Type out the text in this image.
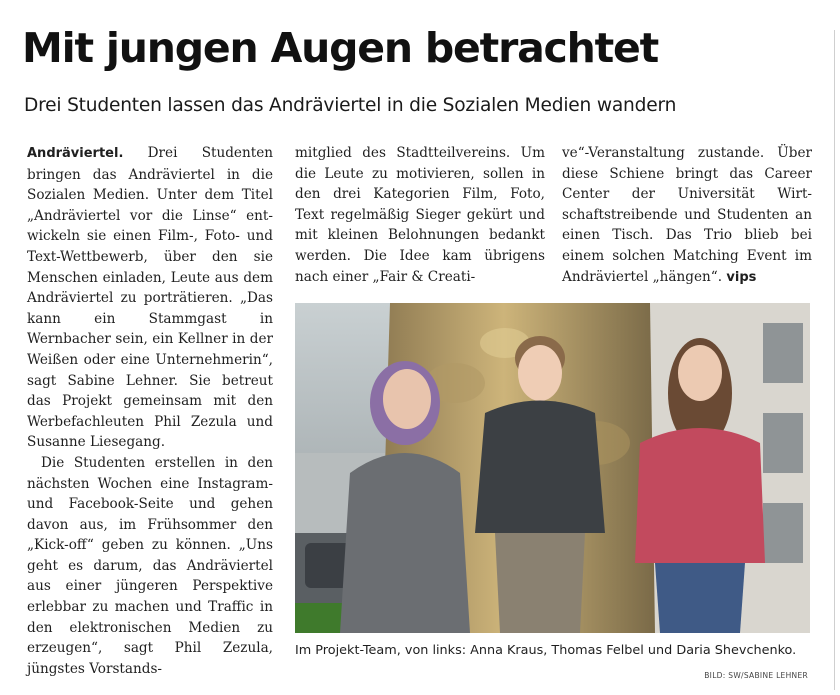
Mit jungen Augen betrachtet
Drei Studenten lassen das Andräviertel in die Sozialen Medien wandern

Andräviertel. Drei Studenten bringen das Andräviertel in die Sozialen Medien. Unter dem Titel „Andräviertel vor die Linse“ entwickeln sie einen Film-, Foto- und Text-Wettbewerb, über den sie Menschen einladen, Leute aus dem Andräviertel zu porträtieren. „Das kann ein Stammgast in Wernbacher sein, ein Kellner in der Weißen oder eine Unternehmerin“, sagt Sabine Lehner. Sie betreut das Projekt gemeinsam mit den Werbefachleuten Phil Zezula und Susanne Liesegang.

Die Studenten erstellen in den nächsten Wochen eine Instagram- und Facebook-Seite und gehen davon aus, im Frühsommer den „Kick-off“ geben zu können. „Uns geht es darum, das Andräviertel aus einer jüngeren Perspektive erlebbar zu machen und Traffic in den elektronischen Medien zu erzeugen“, sagt Phil Zezula, jüngstes Vorstands-

mitglied des Stadtteilvereins. Um die Leute zu motivieren, sollen in den drei Kategorien Film, Foto, Text regelmäßig Sieger gekürt und mit kleinen Belohnungen bedankt werden. Die Idee kam übrigens nach einer „Fair & Creati-

ve“-Veranstaltung zustande. Über diese Schiene bringt das Career Center der Universität Wirtschaftstreibende und Studenten an einen Tisch. Das Trio blieb bei einem solchen Matching Event im Andräviertel „hängen“. vips

Im Projekt-Team, von links: Anna Kraus, Thomas Felbel und Daria Shevchenko.

BILD: SW/SABINE LEHNER
